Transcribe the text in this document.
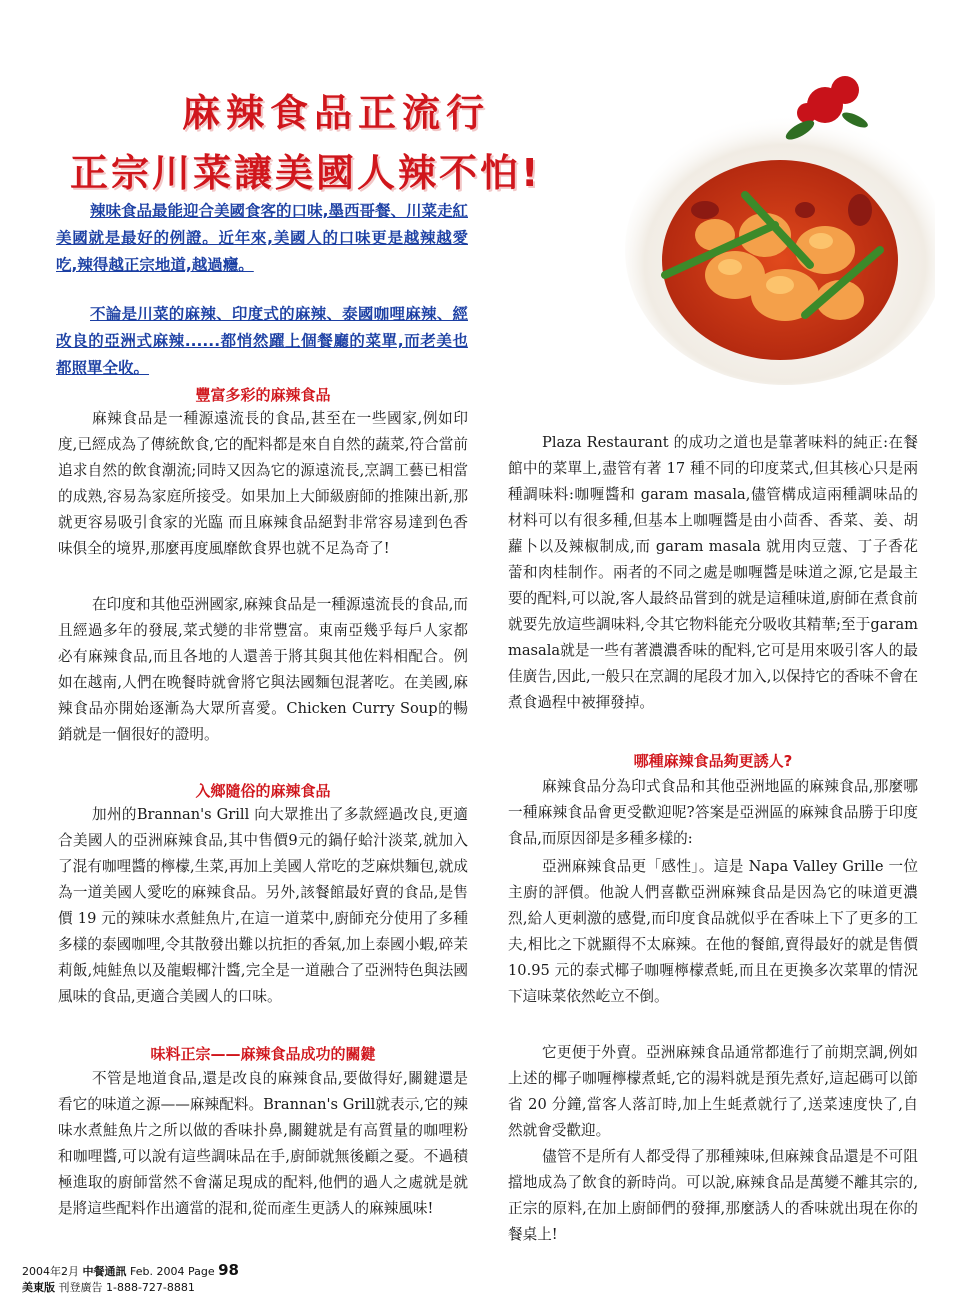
麻辣食品正流行
正宗川菜讓美國人辣不怕!

辣味食品最能迎合美國食客的口味,墨西哥餐、川菜走紅美國就是最好的例證。近年來,美國人的口味更是越辣越愛吃,辣得越正宗地道,越過癮。

不論是川菜的麻辣、印度式的麻辣、泰國咖哩麻辣、經改良的亞洲式麻辣......都悄然躍上個餐廳的菜單,而老美也都照單全收。

豐富多彩的麻辣食品

麻辣食品是一種源遠流長的食品,甚至在一些國家,例如印度,已經成為了傳統飲食,它的配料都是來自自然的蔬菜,符合當前追求自然的飲食潮流;同時又因為它的源遠流長,烹調工藝已相當的成熟,容易為家庭所接受。如果加上大師級廚師的推陳出新,那就更容易吸引食家的光臨 而且麻辣食品絕對非常容易達到色香味俱全的境界,那麼再度風靡飲食界也就不足為奇了!

在印度和其他亞洲國家,麻辣食品是一種源遠流長的食品,而且經過多年的發展,菜式變的非常豐富。東南亞幾乎每戶人家都必有麻辣食品,而且各地的人還善于將其與其他佐料相配合。例如在越南,人們在晚餐時就會將它與法國麵包混著吃。在美國,麻辣食品亦開始逐漸為大眾所喜愛。Chicken Curry Soup的暢銷就是一個很好的證明。

入鄉隨俗的麻辣食品

加州的Brannan's Grill 向大眾推出了多款經過改良,更適合美國人的亞洲麻辣食品,其中售價9元的鍋仔蛤汁淡菜,就加入了混有咖哩醬的檸檬,生菜,再加上美國人常吃的芝麻烘麵包,就成為一道美國人愛吃的麻辣食品。另外,該餐館最好賣的食品,是售價 19 元的辣味水煮鮭魚片,在這一道菜中,廚師充分使用了多種多樣的泰國咖哩,令其散發出難以抗拒的香氣,加上泰國小蝦,碎茉莉飯,炖鮭魚以及龍蝦椰汁醬,完全是一道融合了亞洲特色與法國風味的食品,更適合美國人的口味。

味料正宗——麻辣食品成功的關鍵

不管是地道食品,還是改良的麻辣食品,要做得好,關鍵還是看它的味道之源——麻辣配料。Brannan's Grill就表示,它的辣味水煮鮭魚片之所以做的香味扑鼻,關鍵就是有高質量的咖哩粉和咖哩醬,可以說有這些調味品在手,廚師就無後顧之憂。不過積極進取的廚師當然不會滿足現成的配料,他們的過人之處就是就是將這些配料作出適當的混和,從而產生更誘人的麻辣風味!

Plaza Restaurant 的成功之道也是靠著味料的純正:在餐館中的菜單上,盡管有著 17 種不同的印度菜式,但其核心只是兩種調味料:咖喱醬和 garam masala,儘管構成這兩種調味品的材料可以有很多種,但基本上咖喱醬是由小茴香、香菜、姜、胡蘿卜以及辣椒制成,而 garam masala 就用肉豆蔻、丁子香花蕾和肉桂制作。兩者的不同之處是咖喱醬是味道之源,它是最主要的配料,可以說,客人最終品嘗到的就是這種味道,廚師在煮食前就要先放這些調味料,令其它物料能充分吸收其精華;至于garam masala就是一些有著濃濃香味的配料,它可是用來吸引客人的最佳廣告,因此,一般只在烹調的尾段才加入,以保持它的香味不會在煮食過程中被揮發掉。

哪種麻辣食品夠更誘人?

麻辣食品分為印式食品和其他亞洲地區的麻辣食品,那麼哪一種麻辣食品會更受歡迎呢?答案是亞洲區的麻辣食品勝于印度食品,而原因卻是多種多樣的:

亞洲麻辣食品更「感性」。這是 Napa Valley Grille 一位主廚的評價。他說人們喜歡亞洲麻辣食品是因為它的味道更濃烈,給人更刺激的感覺,而印度食品就似乎在香味上下了更多的工夫,相比之下就顯得不太麻辣。在他的餐館,賣得最好的就是售價 10.95 元的泰式椰子咖喱檸檬煮蚝,而且在更換多次菜單的情況下這味菜依然屹立不倒。

它更便于外賣。亞洲麻辣食品通常都進行了前期烹調,例如上述的椰子咖喱檸檬煮蚝,它的湯料就是預先煮好,這起碼可以節省 20 分鐘,當客人落訂時,加上生蚝煮就行了,送菜速度快了,自然就會受歡迎。

儘管不是所有人都受得了那種辣味,但麻辣食品還是不可阻擋地成為了飲食的新時尚。可以說,麻辣食品是萬變不離其宗的,正宗的原料,在加上廚師們的發揮,那麼誘人的香味就出現在你的餐桌上!

2004年2月 中餐通訊 Feb. 2004 Page 98
美東版 刊登廣告 1-888-727-8881
